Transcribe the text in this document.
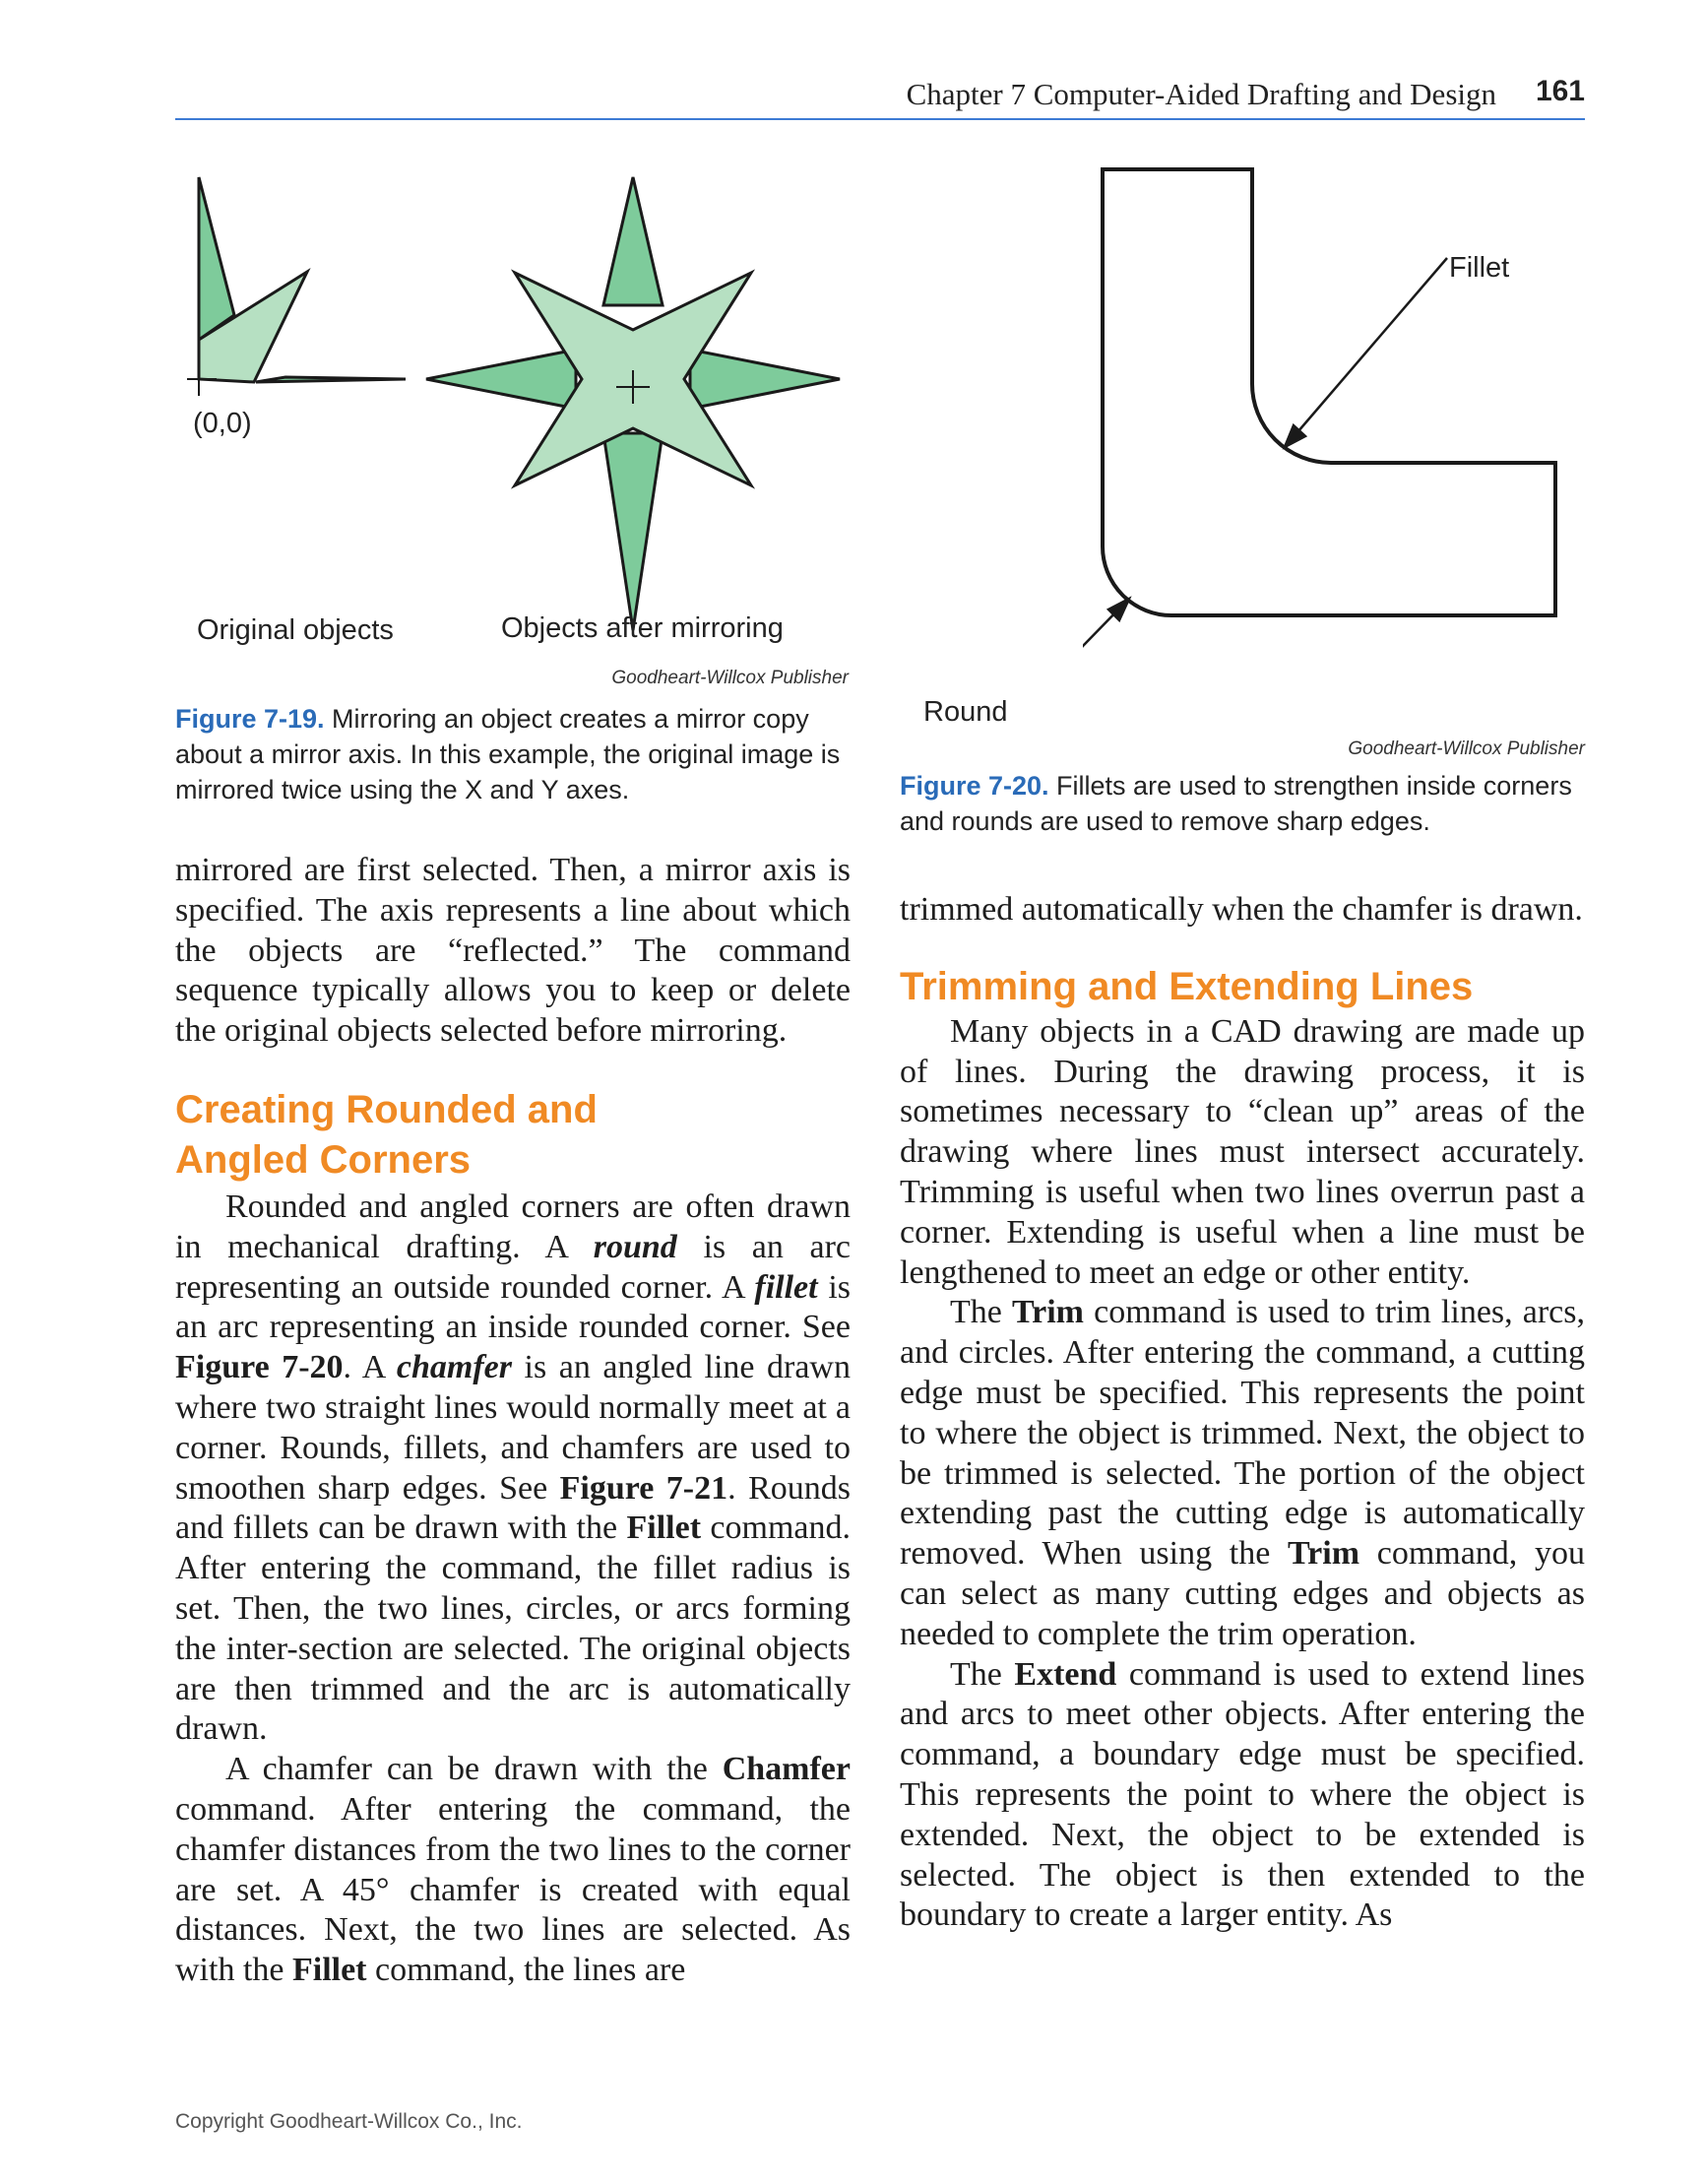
Chapter 7 Computer-Aided Drafting and Design	161
(0,0)
Original objects	Objects after mirroring
Goodheart-Willcox Publisher
Figure 7-19. Mirroring an object creates a mirror copy about a mirror axis. In this example, the original image is mirrored twice using the X and Y axes.
Fillet
Round
Goodheart-Willcox Publisher
Figure 7-20. Fillets are used to strengthen inside corners and rounds are used to remove sharp edges.

mirrored are first selected. Then, a mirror axis is specified. The axis represents a line about which the objects are “reflected.” The command sequence typically allows you to keep or delete the original objects selected before mirroring.

Creating Rounded and
Angled Corners

Rounded and angled corners are often drawn in mechanical drafting. A round is an arc representing an outside rounded corner. A fillet is an arc representing an inside rounded corner. See Figure 7-20. A chamfer is an angled line drawn where two straight lines would normally meet at a corner. Rounds, fillets, and chamfers are used to smoothen sharp edges. See Figure 7-21. Rounds and fillets can be drawn with the Fillet command. After entering the command, the fillet radius is set. Then, the two lines, circles, or arcs forming the inter-section are selected. The original objects are then trimmed and the arc is automatically drawn.

A chamfer can be drawn with the Chamfer command. After entering the command, the chamfer distances from the two lines to the corner are set. A 45° chamfer is created with equal distances. Next, the two lines are selected. As with the Fillet command, the lines are

trimmed automatically when the chamfer is drawn.

Trimming and Extending Lines

Many objects in a CAD drawing are made up of lines. During the drawing process, it is sometimes necessary to “clean up” areas of the drawing where lines must intersect accurately. Trimming is useful when two lines overrun past a corner. Extending is useful when a line must be lengthened to meet an edge or other entity.

The Trim command is used to trim lines, arcs, and circles. After entering the command, a cutting edge must be specified. This represents the point to where the object is trimmed. Next, the object to be trimmed is selected. The portion of the object extending past the cutting edge is automatically removed. When using the Trim command, you can select as many cutting edges and objects as needed to complete the trim operation.

The Extend command is used to extend lines and arcs to meet other objects. After entering the command, a boundary edge must be specified. This represents the point to where the object is extended. Next, the object to be extended is selected. The object is then extended to the boundary to create a larger entity. As

Copyright Goodheart-Willcox Co., Inc.
